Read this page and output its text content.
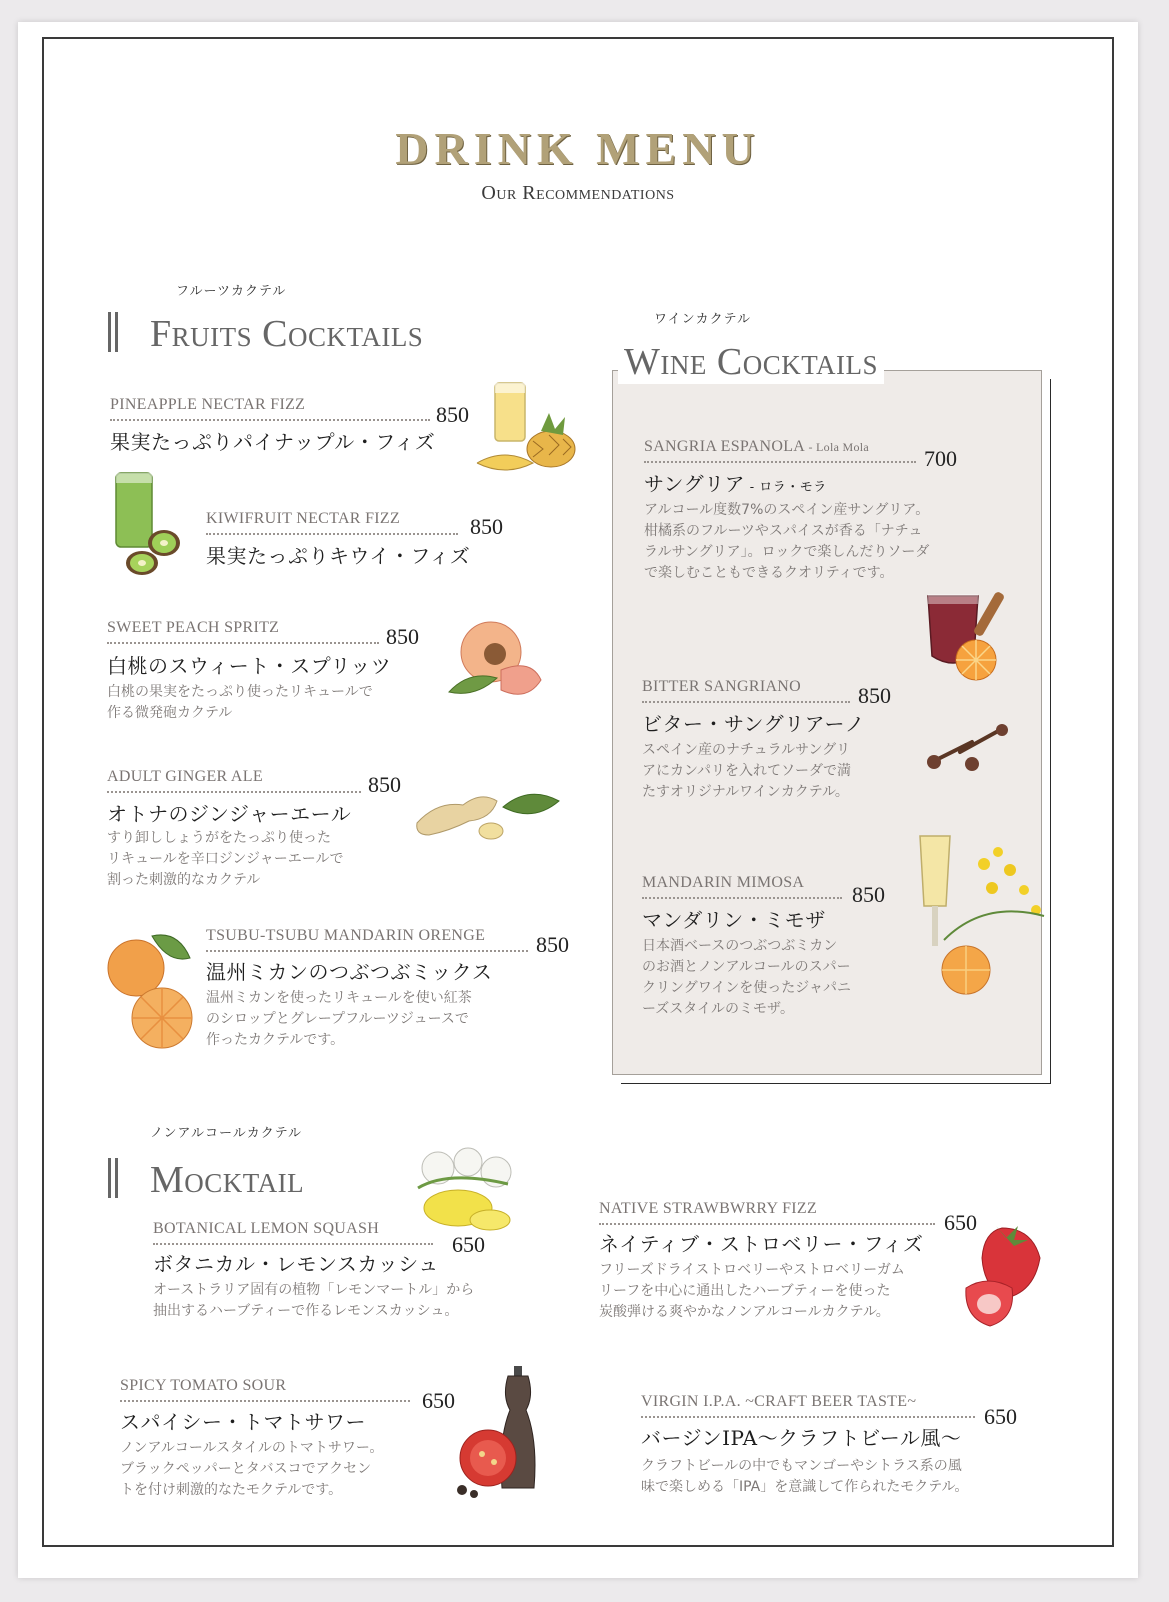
DRINK MENU
Our Recommendations
フルーツカクテル
Fruits Cocktails
PINEAPPLE NECTAR FIZZ	850
果実たっぷりパイナップル・フィズ
KIWIFRUIT NECTAR FIZZ	850
果実たっぷりキウイ・フィズ
SWEET PEACH SPRITZ	850
白桃のスウィート・スプリッツ
白桃の果実をたっぷり使ったリキュールで
作る微発砲カクテル
ADULT GINGER ALE	850
オトナのジンジャーエール
すり卸ししょうがをたっぷり使った
リキュールを辛口ジンジャーエールで
割った刺激的なカクテル
TSUBU-TSUBU MANDARIN ORENGE 850
温州ミカンのつぶつぶミックス
温州ミカンを使ったリキュールを使い紅茶
のシロップとグレープフルーツジュースで
作ったカクテルです。
ワインカクテル
Wine Cocktails
SANGRIA ESPANOLA - Lola Mola 700
サングリア - ロラ・モラ
アルコール度数7%のスペイン産サングリア。
柑橘系のフルーツやスパイスが香る「ナチュ
ラルサングリア」。ロックで楽しんだりソーダ
で楽しむこともできるクオリティです。
BITTER SANGRIANO	850
ビター・サングリアーノ
スペイン産のナチュラルサングリ
アにカンパリを入れてソーダで満
たすオリジナルワインカクテル。
MANDARIN MIMOSA 850
マンダリン・ミモザ
日本酒ベースのつぶつぶミカン
のお酒とノンアルコールのスパー
クリングワインを使ったジャパニ
ーズスタイルのミモザ。
ノンアルコールカクテル
Mocktail
BOTANICAL LEMON SQUASH
650
ボタニカル・レモンスカッシュ
オーストラリア固有の植物「レモンマートル」から
抽出するハーブティーで作るレモンスカッシュ。
NATIVE STRAWBWRRY FIZZ
650
ネイティブ・ストロベリー・フィズ
フリーズドライストロベリーやストロベリーガム
リーフを中心に通出したハーブティーを使った
炭酸弾ける爽やかなノンアルコールカクテル。
SPICY TOMATO SOUR
650
スパイシー・トマトサワー
ノンアルコールスタイルのトマトサワー。
ブラックペッパーとタバスコでアクセン
トを付け刺激的なたモクテルです。
VIRGIN I.P.A. ~CRAFT BEER TASTE~
650
バージンIPA～クラフトビール風～
クラフトビールの中でもマンゴーやシトラス系の風
味で楽しめる「IPA」を意識して作られたモクテル。
